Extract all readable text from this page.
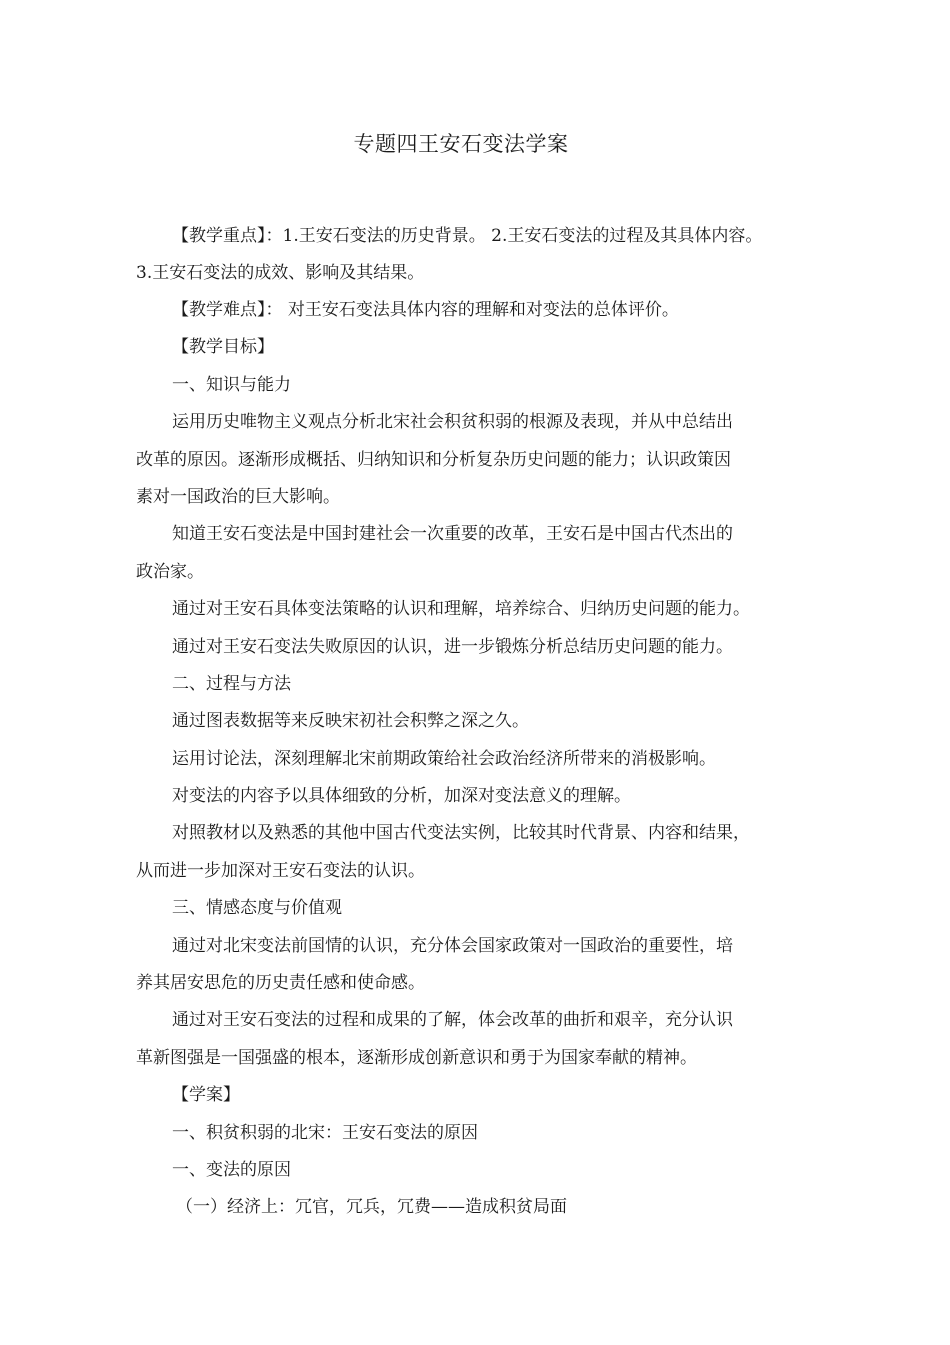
专题四王安石变法学案
【教学重点】：1.王安石变法的历史背景。 2.王安石变法的过程及其具体内容。
3.王安石变法的成效、影响及其结果。
【教学难点】： 对王安石变法具体内容的理解和对变法的总体评价。
【教学目标】
一、知识与能力
运用历史唯物主义观点分析北宋社会积贫积弱的根源及表现，并从中总结出
改革的原因。逐渐形成概括、归纳知识和分析复杂历史问题的能力；认识政策因
素对一国政治的巨大影响。
知道王安石变法是中国封建社会一次重要的改革，王安石是中国古代杰出的
政治家。
通过对王安石具体变法策略的认识和理解，培养综合、归纳历史问题的能力。
通过对王安石变法失败原因的认识，进一步锻炼分析总结历史问题的能力。
二、过程与方法
通过图表数据等来反映宋初社会积弊之深之久。
运用讨论法，深刻理解北宋前期政策给社会政治经济所带来的消极影响。
对变法的内容予以具体细致的分析，加深对变法意义的理解。
对照教材以及熟悉的其他中国古代变法实例，比较其时代背景、内容和结果，
从而进一步加深对王安石变法的认识。
三、情感态度与价值观
通过对北宋变法前国情的认识，充分体会国家政策对一国政治的重要性，培
养其居安思危的历史责任感和使命感。
通过对王安石变法的过程和成果的了解，体会改革的曲折和艰辛，充分认识
革新图强是一国强盛的根本，逐渐形成创新意识和勇于为国家奉献的精神。
【学案】
一、积贫积弱的北宋：王安石变法的原因
一、变法的原因
（一）经济上：冗官，冗兵，冗费——造成积贫局面
